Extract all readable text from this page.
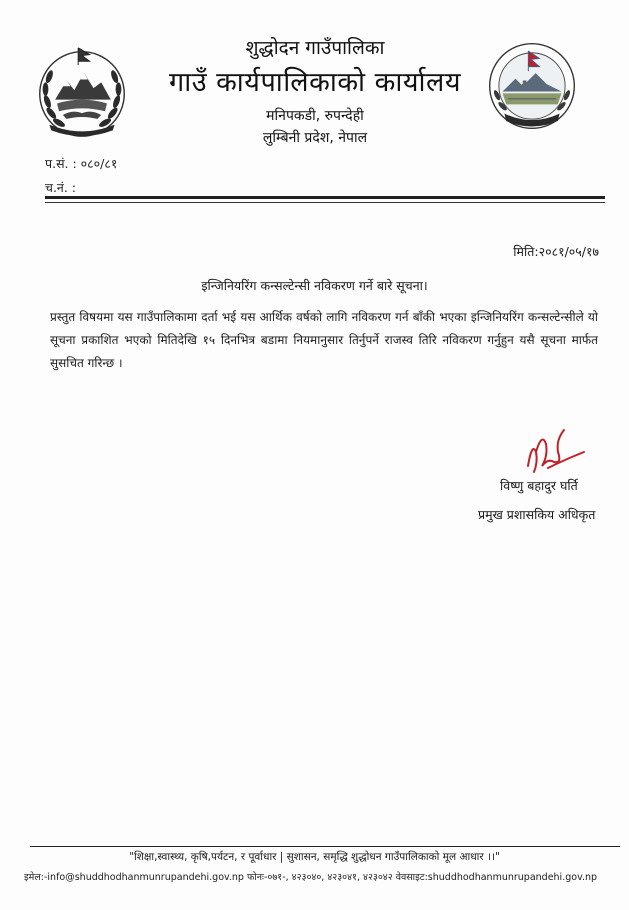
शुद्धोदन गाउँपालिका
गाउँ कार्यपालिकाको कार्यालय
मनिपकडी, रुपन्देही
लुम्बिनी प्रदेश, नेपाल
प.सं. : ०८०/८१
च.नं. :
मिति:२०८१/०५/१७
इन्जिनियरिंग कन्सल्टेन्सी नविकरण गर्ने बारे सूचना।

प्रस्तुत विषयमा यस गाउँपालिकामा दर्ता भई यस आर्थिक वर्षको लागि नविकरण गर्न बाँकी भएका इन्जिनियरिंग कन्सल्टेन्सीले यो सूचना प्रकाशित भएको मितिदेखि १५ दिनभित्र बडामा नियमानुसार तिर्नुपर्ने राजस्व तिरि नविकरण गर्नुहुन यसै सूचना मार्फत सुसचित गरिन्छ ।

विष्णु बहादुर घर्ति
प्रमुख प्रशासकिय अधिकृत
"शिक्षा,स्वास्थ्य, कृषि,पर्यटन, र पूर्वाधार | सुशासन, समृद्धि शुद्धोधन गाउँपालिकाको मूल आधार ।।"
इमेल:-info@shuddhodhanmunrupandehi.gov.np फोनः-०७१-, ४२३०४०, ४२३०४१, ४२३०४२ वेवसाइट:shuddhodhanmunrupandehi.gov.np
